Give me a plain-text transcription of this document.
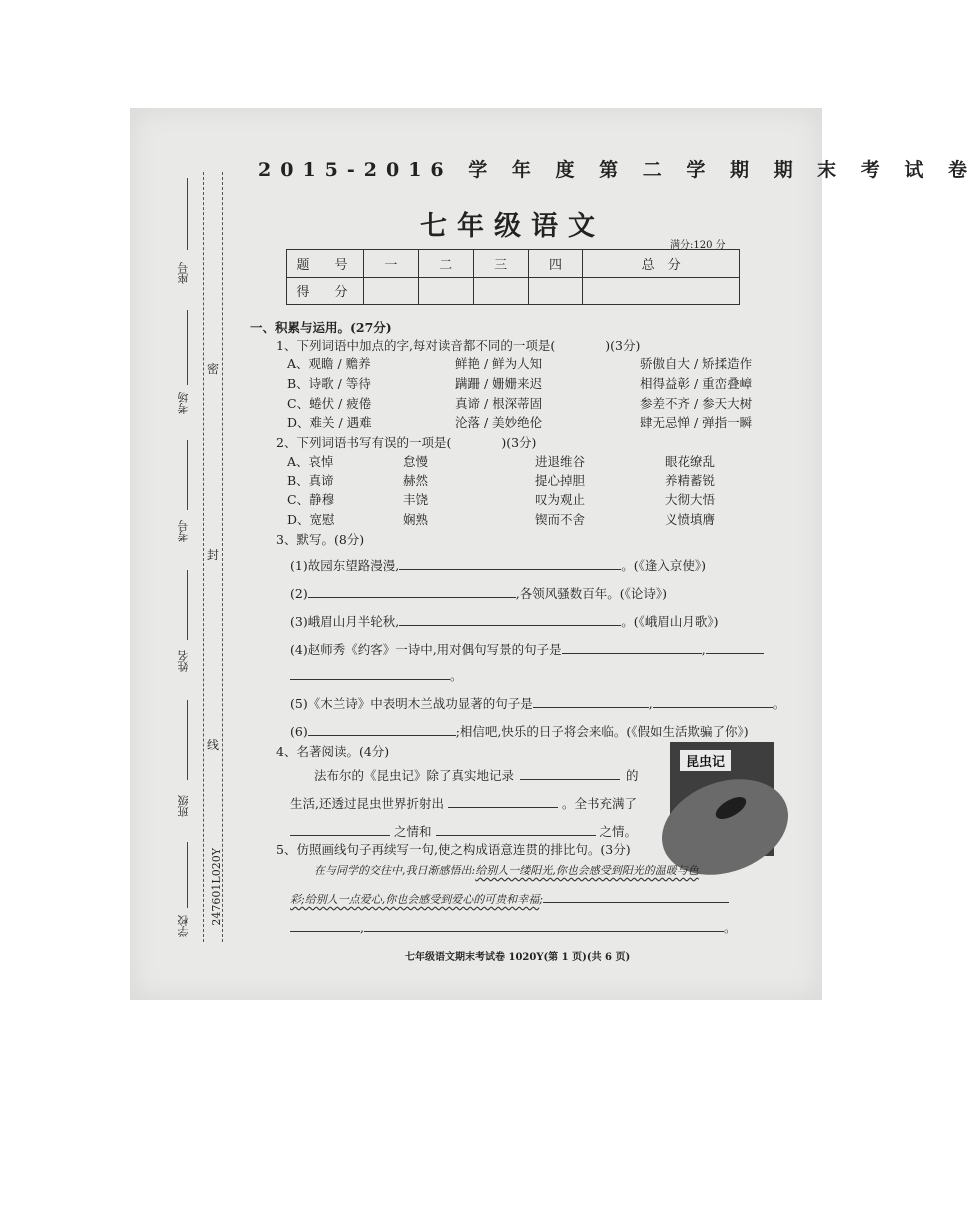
座号
考场
考号
姓名
班级
学校
247601L020Y
密
封
线
2015-2016 学 年 度 第 二 学 期 期 末 考 试 卷
七年级语文
满分:120 分
题　号	一	二	三	四	总　分
得　分					
一、积累与运用。(27分)
1、下列词语中加点的字,每对读音都不同的一项是(　　　　)(3分)
A、观瞻 / 赡养	鲜艳 / 鲜为人知	骄傲自大 / 矫揉造作
B、诗歌 / 等待	蹒跚 / 姗姗来迟	相得益彰 / 重峦叠嶂
C、蜷伏 / 疲倦	真谛 / 根深蒂固	参差不齐 / 参天大树
D、难关 / 遇难	沦落 / 美妙绝伦	肆无忌惮 / 弹指一瞬
2、下列词语书写有误的一项是(　　　　)(3分)
A、哀悼	怠慢	进退维谷	眼花缭乱
B、真谛	赫然	提心掉胆	养精蓄锐
C、静穆	丰饶	叹为观止	大彻大悟
D、宽慰	娴熟	锲而不舍	义愤填膺
3、默写。(8分)
(1)故园东望路漫漫,	。(《逢入京使》)
(2)	,各领风骚数百年。(《论诗》)
(3)峨眉山月半轮秋,	。(《峨眉山月歌》)
(4)赵师秀《约客》一诗中,用对偶句写景的句子是	,
。
(5)《木兰诗》中表明木兰战功显著的句子是	,	。
(6)	;相信吧,快乐的日子将会来临。(《假如生活欺骗了你》)
4、名著阅读。(4分)
法布尔的《昆虫记》除了真实地记录	的
生活,还透过昆虫世界折射出	。全书充满了
之情和	之情。
昆虫记
5、仿照画线句子再续写一句,使之构成语意连贯的排比句。(3分)
在与同学的交往中,我日渐感悟出:给别人一缕阳光,你也会感受到阳光的温暖与色
彩;给别人一点爱心,你也会感受到爱心的可贵和幸福;
,	。
七年级语文期末考试卷 1020Y(第 1 页)(共 6 页)
